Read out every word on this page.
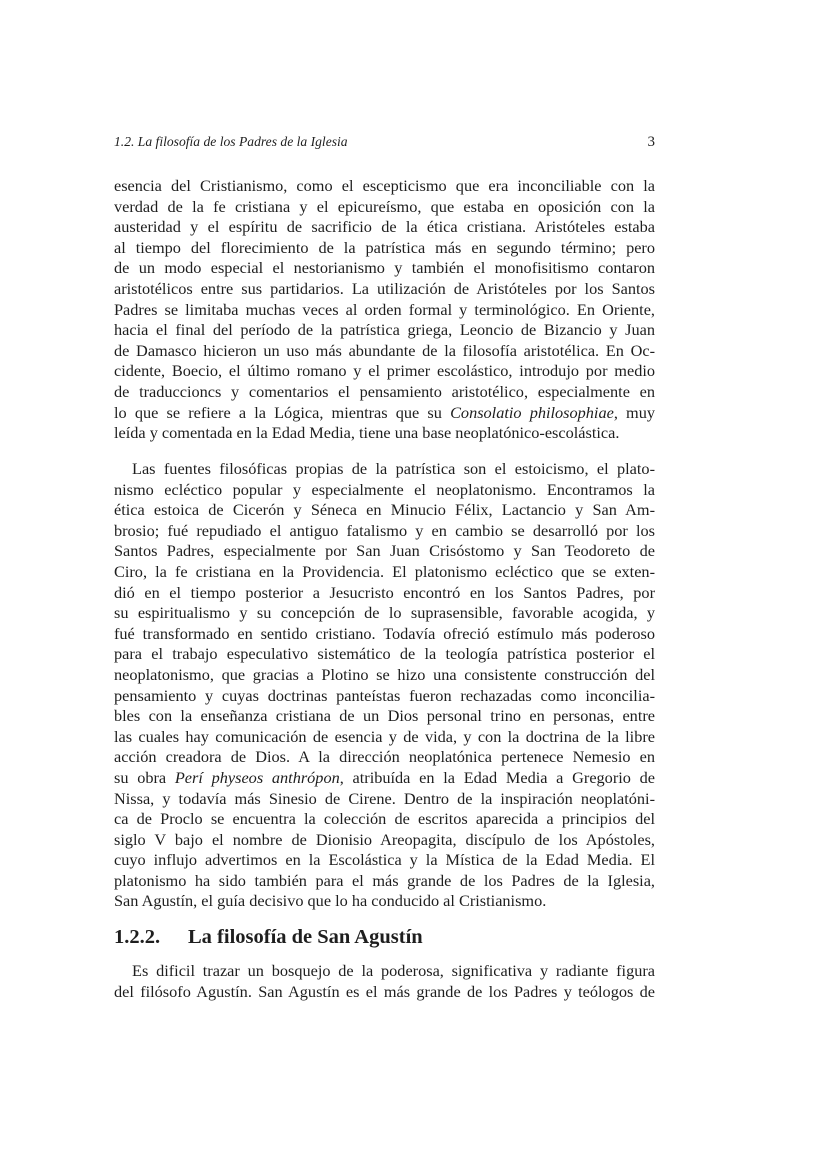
1.2. La filosofía de los Padres de la Iglesia	3
esencia del Cristianismo, como el escepticismo que era inconciliable con la
verdad de la fe cristiana y el epicureísmo, que estaba en oposición con la
austeridad y el espíritu de sacrificio de la ética cristiana. Aristóteles estaba
al tiempo del florecimiento de la patrística más en segundo término; pero
de un modo especial el nestorianismo y también el monofisitismo contaron
aristotélicos entre sus partidarios. La utilización de Aristóteles por los Santos
Padres se limitaba muchas veces al orden formal y terminológico. En Oriente,
hacia el final del período de la patrística griega, Leoncio de Bizancio y Juan
de Damasco hicieron un uso más abundante de la filosofía aristotélica. En Oc-
cidente, Boecio, el último romano y el primer escolástico, introdujo por medio
de traduccioncs y comentarios el pensamiento aristotélico, especialmente en
lo que se refiere a la Lógica, mientras que su Consolatio philosophiae, muy
leída y comentada en la Edad Media, tiene una base neoplatónico-escolástica.
Las fuentes filosóficas propias de la patrística son el estoicismo, el plato-
nismo ecléctico popular y especialmente el neoplatonismo. Encontramos la
ética estoica de Cicerón y Séneca en Minucio Félix, Lactancio y San Am-
brosio; fué repudiado el antiguo fatalismo y en cambio se desarrolló por los
Santos Padres, especialmente por San Juan Crisóstomo y San Teodoreto de
Ciro, la fe cristiana en la Providencia. El platonismo ecléctico que se exten-
dió en el tiempo posterior a Jesucristo encontró en los Santos Padres, por
su espiritualismo y su concepción de lo suprasensible, favorable acogida, y
fué transformado en sentido cristiano. Todavía ofreció estímulo más poderoso
para el trabajo especulativo sistemático de la teología patrística posterior el
neoplatonismo, que gracias a Plotino se hizo una consistente construcción del
pensamiento y cuyas doctrinas panteístas fueron rechazadas como inconcilia-
bles con la enseñanza cristiana de un Dios personal trino en personas, entre
las cuales hay comunicación de esencia y de vida, y con la doctrina de la libre
acción creadora de Dios. A la dirección neoplatónica pertenece Nemesio en
su obra Perí physeos anthrópon, atribuída en la Edad Media a Gregorio de
Nissa, y todavía más Sinesio de Cirene. Dentro de la inspiración neoplatóni-
ca de Proclo se encuentra la colección de escritos aparecida a principios del
siglo V bajo el nombre de Dionisio Areopagita, discípulo de los Apóstoles,
cuyo influjo advertimos en la Escolástica y la Mística de la Edad Media. El
platonismo ha sido también para el más grande de los Padres de la Iglesia,
San Agustín, el guía decisivo que lo ha conducido al Cristianismo.
1.2.2. La filosofía de San Agustín
Es dificil trazar un bosquejo de la poderosa, significativa y radiante figura
del filósofo Agustín. San Agustín es el más grande de los Padres y teólogos de
